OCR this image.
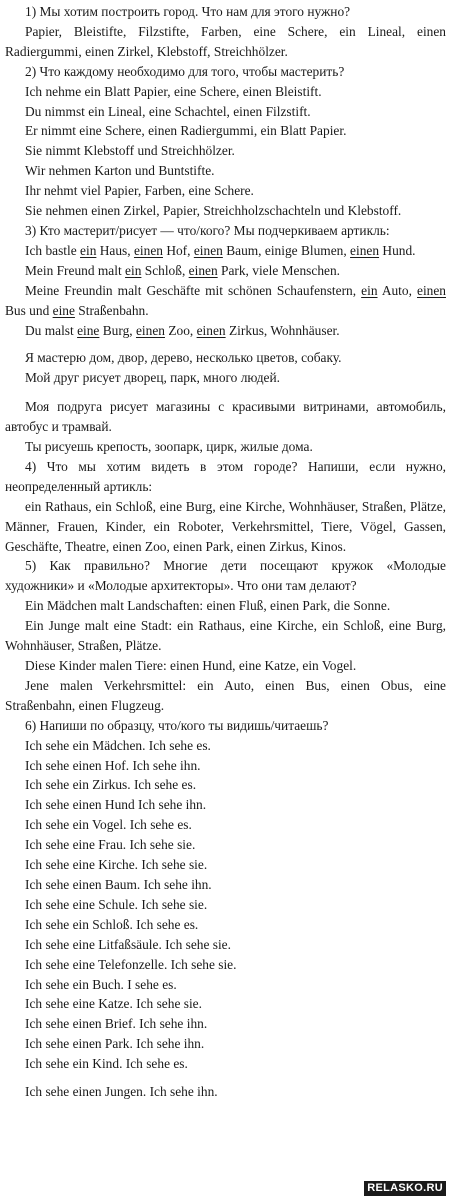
1) Мы хотим построить город. Что нам для этого нужно?

Papier, Bleistifte, Filzstifte, Farben, eine Schere, ein Lineal, einen Radiergummi, einen Zirkel, Klebstoff, Streichhölzer.

2) Что каждому необходимо для того, чтобы мастерить?

Ich nehme ein Blatt Papier, eine Schere, einen Bleistift.

Du nimmst ein Lineal, eine Schachtel, einen Filzstift.

Er nimmt eine Schere, einen Radiergummi, ein Blatt Papier.

Sie nimmt Klebstoff und Streichhölzer.

Wir nehmen Karton und Buntstifte.

Ihr nehmt viel Papier, Farben, eine Schere.

Sie nehmen einen Zirkel, Papier, Streichholzschachteln und Klebstoff.

3) Кто мастерит/рисует — что/кого? Мы подчеркиваем артикль:

Ich bastle ein Haus, einen Hof, einen Baum, einige Blumen, einen Hund.

Mein Freund malt ein Schloß, einen Park, viele Menschen.

Meine Freundin malt Geschäfte mit schönen Schaufenstern, ein Auto, einen Bus und eine Straßenbahn.

Du malst eine Burg, einen Zoo, einen Zirkus, Wohnhäuser.

Я мастерю дом, двор, дерево, несколько цветов, собаку.

Мой друг рисует дворец, парк, много людей.

Моя подруга рисует магазины с красивыми витринами, автомобиль, автобус и трамвай.

Ты рисуешь крепость, зоопарк, цирк, жилые дома.

4) Что мы хотим видеть в этом городе? Напиши, если нужно, неопределенный артикль:

ein Rathaus, ein Schloß, eine Burg, eine Kirche, Wohnhäuser, Straßen, Plätze, Männer, Frauen, Kinder, ein Roboter, Verkehrsmittel, Tiere, Vögel, Gassen, Geschäfte, Theatre, einen Zoo, einen Park, einen Zirkus, Kinos.

5) Как правильно? Многие дети посещают кружок «Молодые художники» и «Молодые архитекторы». Что они там делают?

Ein Mädchen malt Landschaften: einen Fluß, einen Park, die Sonne.

Ein Junge malt eine Stadt: ein Rathaus, eine Kirche, ein Schloß, eine Burg, Wohnhäuser, Straßen, Plätze.

Diese Kinder malen Tiere: einen Hund, eine Katze, ein Vogel.

Jene malen Verkehrsmittel: ein Auto, einen Bus, einen Obus, eine Straßenbahn, einen Flugzeug.

6) Напиши по образцу, что/кого ты видишь/читаешь?

Ich sehe ein Mädchen. Ich sehe es.

Ich sehe einen Hof. Ich sehe ihn.

Ich sehe ein Zirkus. Ich sehe es.

Ich sehe einen Hund Ich sehe ihn.

Ich sehe ein Vogel. Ich sehe es.

Ich sehe eine Frau. Ich sehe sie.

Ich sehe eine Kirche. Ich sehe sie.

Ich sehe einen Baum. Ich sehe ihn.

Ich sehe eine Schule. Ich sehe sie.

Ich sehe ein Schloß. Ich sehe es.

Ich sehe eine Litfaßsäule. Ich sehe sie.

Ich sehe eine Telefonzelle. Ich sehe sie.

Ich sehe ein Buch. I sehe es.

Ich sehe eine Katze. Ich sehe sie.

Ich sehe einen Brief. Ich sehe ihn.

Ich sehe einen Park. Ich sehe ihn.

Ich sehe ein Kind. Ich sehe es.

Ich sehe einen Jungen. Ich sehe ihn.

RELASKO.RU
